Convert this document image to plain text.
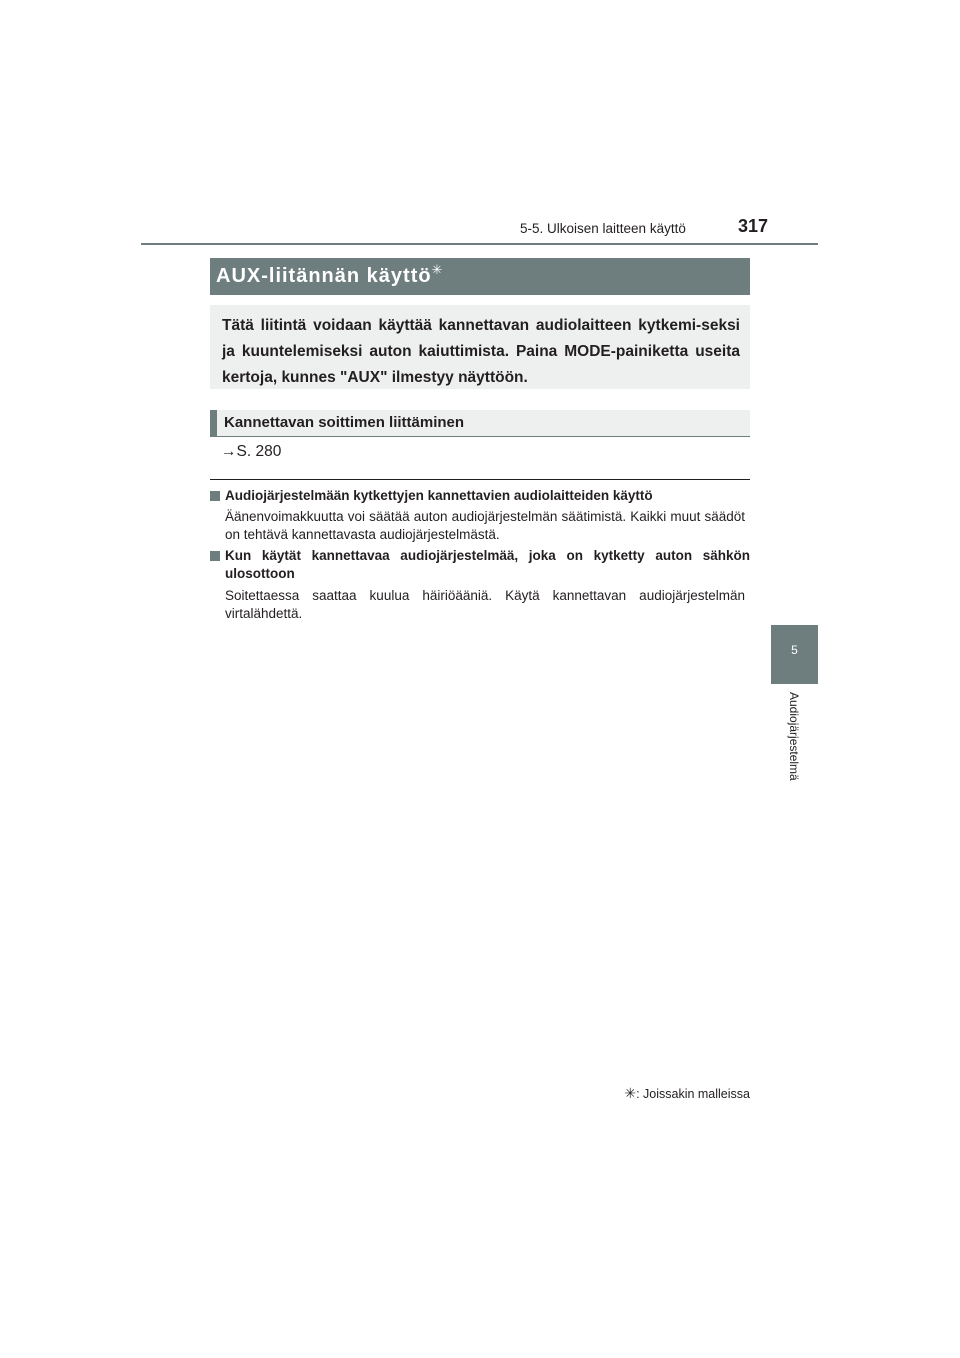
5-5. Ulkoisen laitteen käyttö	317
5
Audiojärjestelmä
AUX-liitännän käyttö✳

Tätä liitintä voidaan käyttää kannettavan audiolaitteen kytkemi-seksi ja kuuntelemiseksi auton kaiuttimista. Paina MODE-painiketta useita kertoja, kunnes "AUX" ilmestyy näyttöön.

Kannettavan soittimen liittäminen
→S. 280
Audiojärjestelmään kytkettyjen kannettavien audiolaitteiden käyttö
Äänenvoimakkuutta voi säätää auton audiojärjestelmän säätimistä. Kaikki muut säädöt on tehtävä kannettavasta audiojärjestelmästä.
Kun käytät kannettavaa audiojärjestelmää, joka on kytketty auton sähkön ulosottoon
Soitettaessa saattaa kuulua häiriöääniä. Käytä kannettavan audiojärjestelmän virtalähdettä.
✳: Joissakin malleissa
